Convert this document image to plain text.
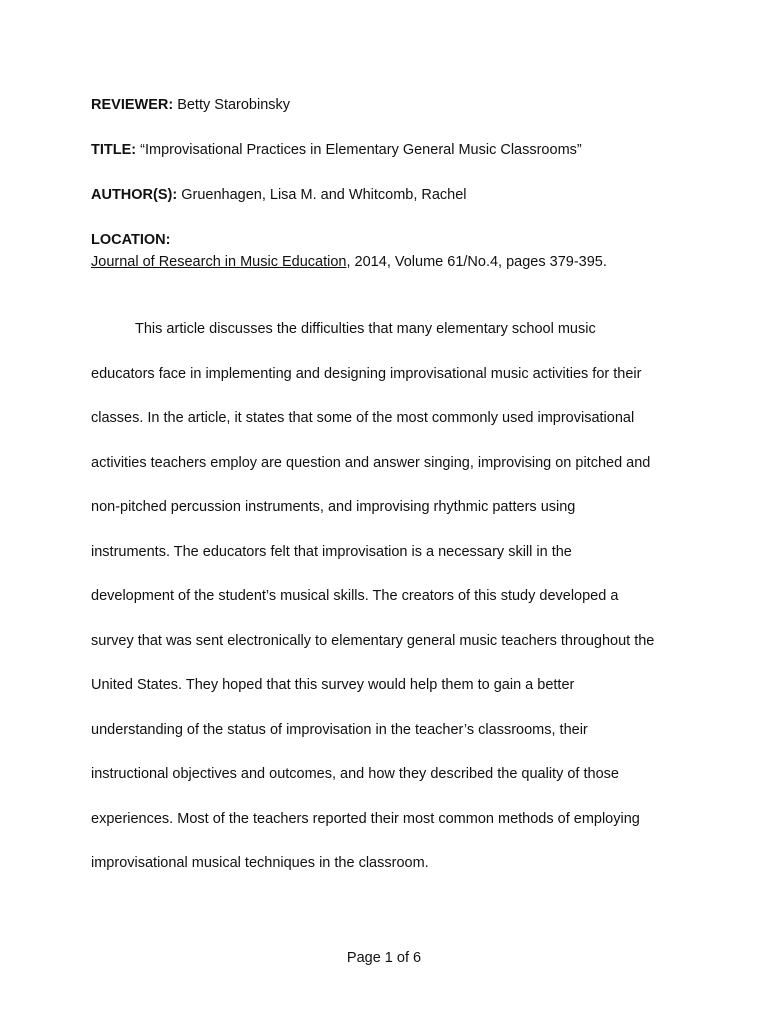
REVIEWER: Betty Starobinsky
TITLE: “Improvisational Practices in Elementary General Music Classrooms”
AUTHOR(S): Gruenhagen, Lisa M. and Whitcomb, Rachel
LOCATION:
Journal of Research in Music Education, 2014, Volume 61/No.4, pages 379-395.
This article discusses the difficulties that many elementary school music
educators face in implementing and designing improvisational music activities for their
classes. In the article, it states that some of the most commonly used improvisational
activities teachers employ are question and answer singing, improvising on pitched and
non-pitched percussion instruments, and improvising rhythmic patters using
instruments. The educators felt that improvisation is a necessary skill in the
development of the student’s musical skills. The creators of this study developed a
survey that was sent electronically to elementary general music teachers throughout the
United States. They hoped that this survey would help them to gain a better
understanding of the status of improvisation in the teacher’s classrooms, their
instructional objectives and outcomes, and how they described the quality of those
experiences. Most of the teachers reported their most common methods of employing
improvisational musical techniques in the classroom.
Page 1 of 6
